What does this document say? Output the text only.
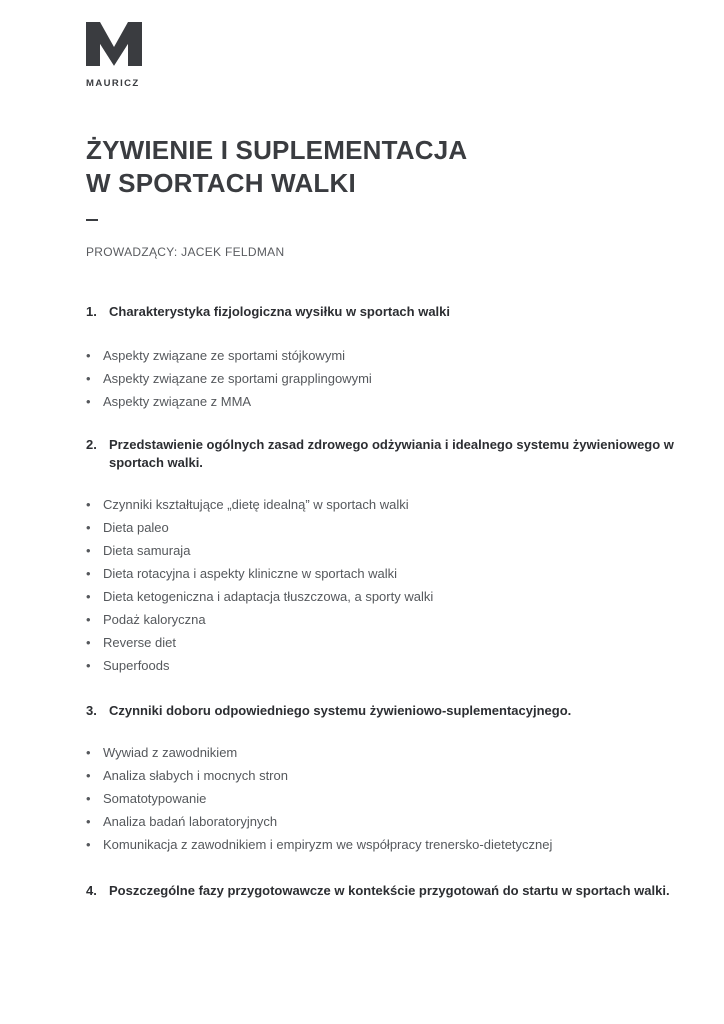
MAURICZ
ŻYWIENIE I SUPLEMENTACJA
W SPORTACH WALKI
PROWADZĄCY: JACEK FELDMAN
1. Charakterystyka fizjologiczna wysiłku w sportach walki
• Aspekty związane ze sportami stójkowymi
• Aspekty związane ze sportami grapplingowymi
• Aspekty związane z MMA
2. Przedstawienie ogólnych zasad zdrowego odżywiania i idealnego systemu żywieniowego w sportach walki.
• Czynniki kształtujące „dietę idealną” w sportach walki
• Dieta paleo
• Dieta samuraja
• Dieta rotacyjna i aspekty kliniczne w sportach walki
• Dieta ketogeniczna i adaptacja tłuszczowa, a sporty walki
• Podaż kaloryczna
• Reverse diet
• Superfoods
3. Czynniki doboru odpowiedniego systemu żywieniowo-suplementacyjnego.
• Wywiad z zawodnikiem
• Analiza słabych i mocnych stron
• Somatotypowanie
• Analiza badań laboratoryjnych
• Komunikacja z zawodnikiem i empiryzm we współpracy trenersko-dietetycznej
4. Poszczególne fazy przygotowawcze w kontekście przygotowań do startu w sportach walki.
